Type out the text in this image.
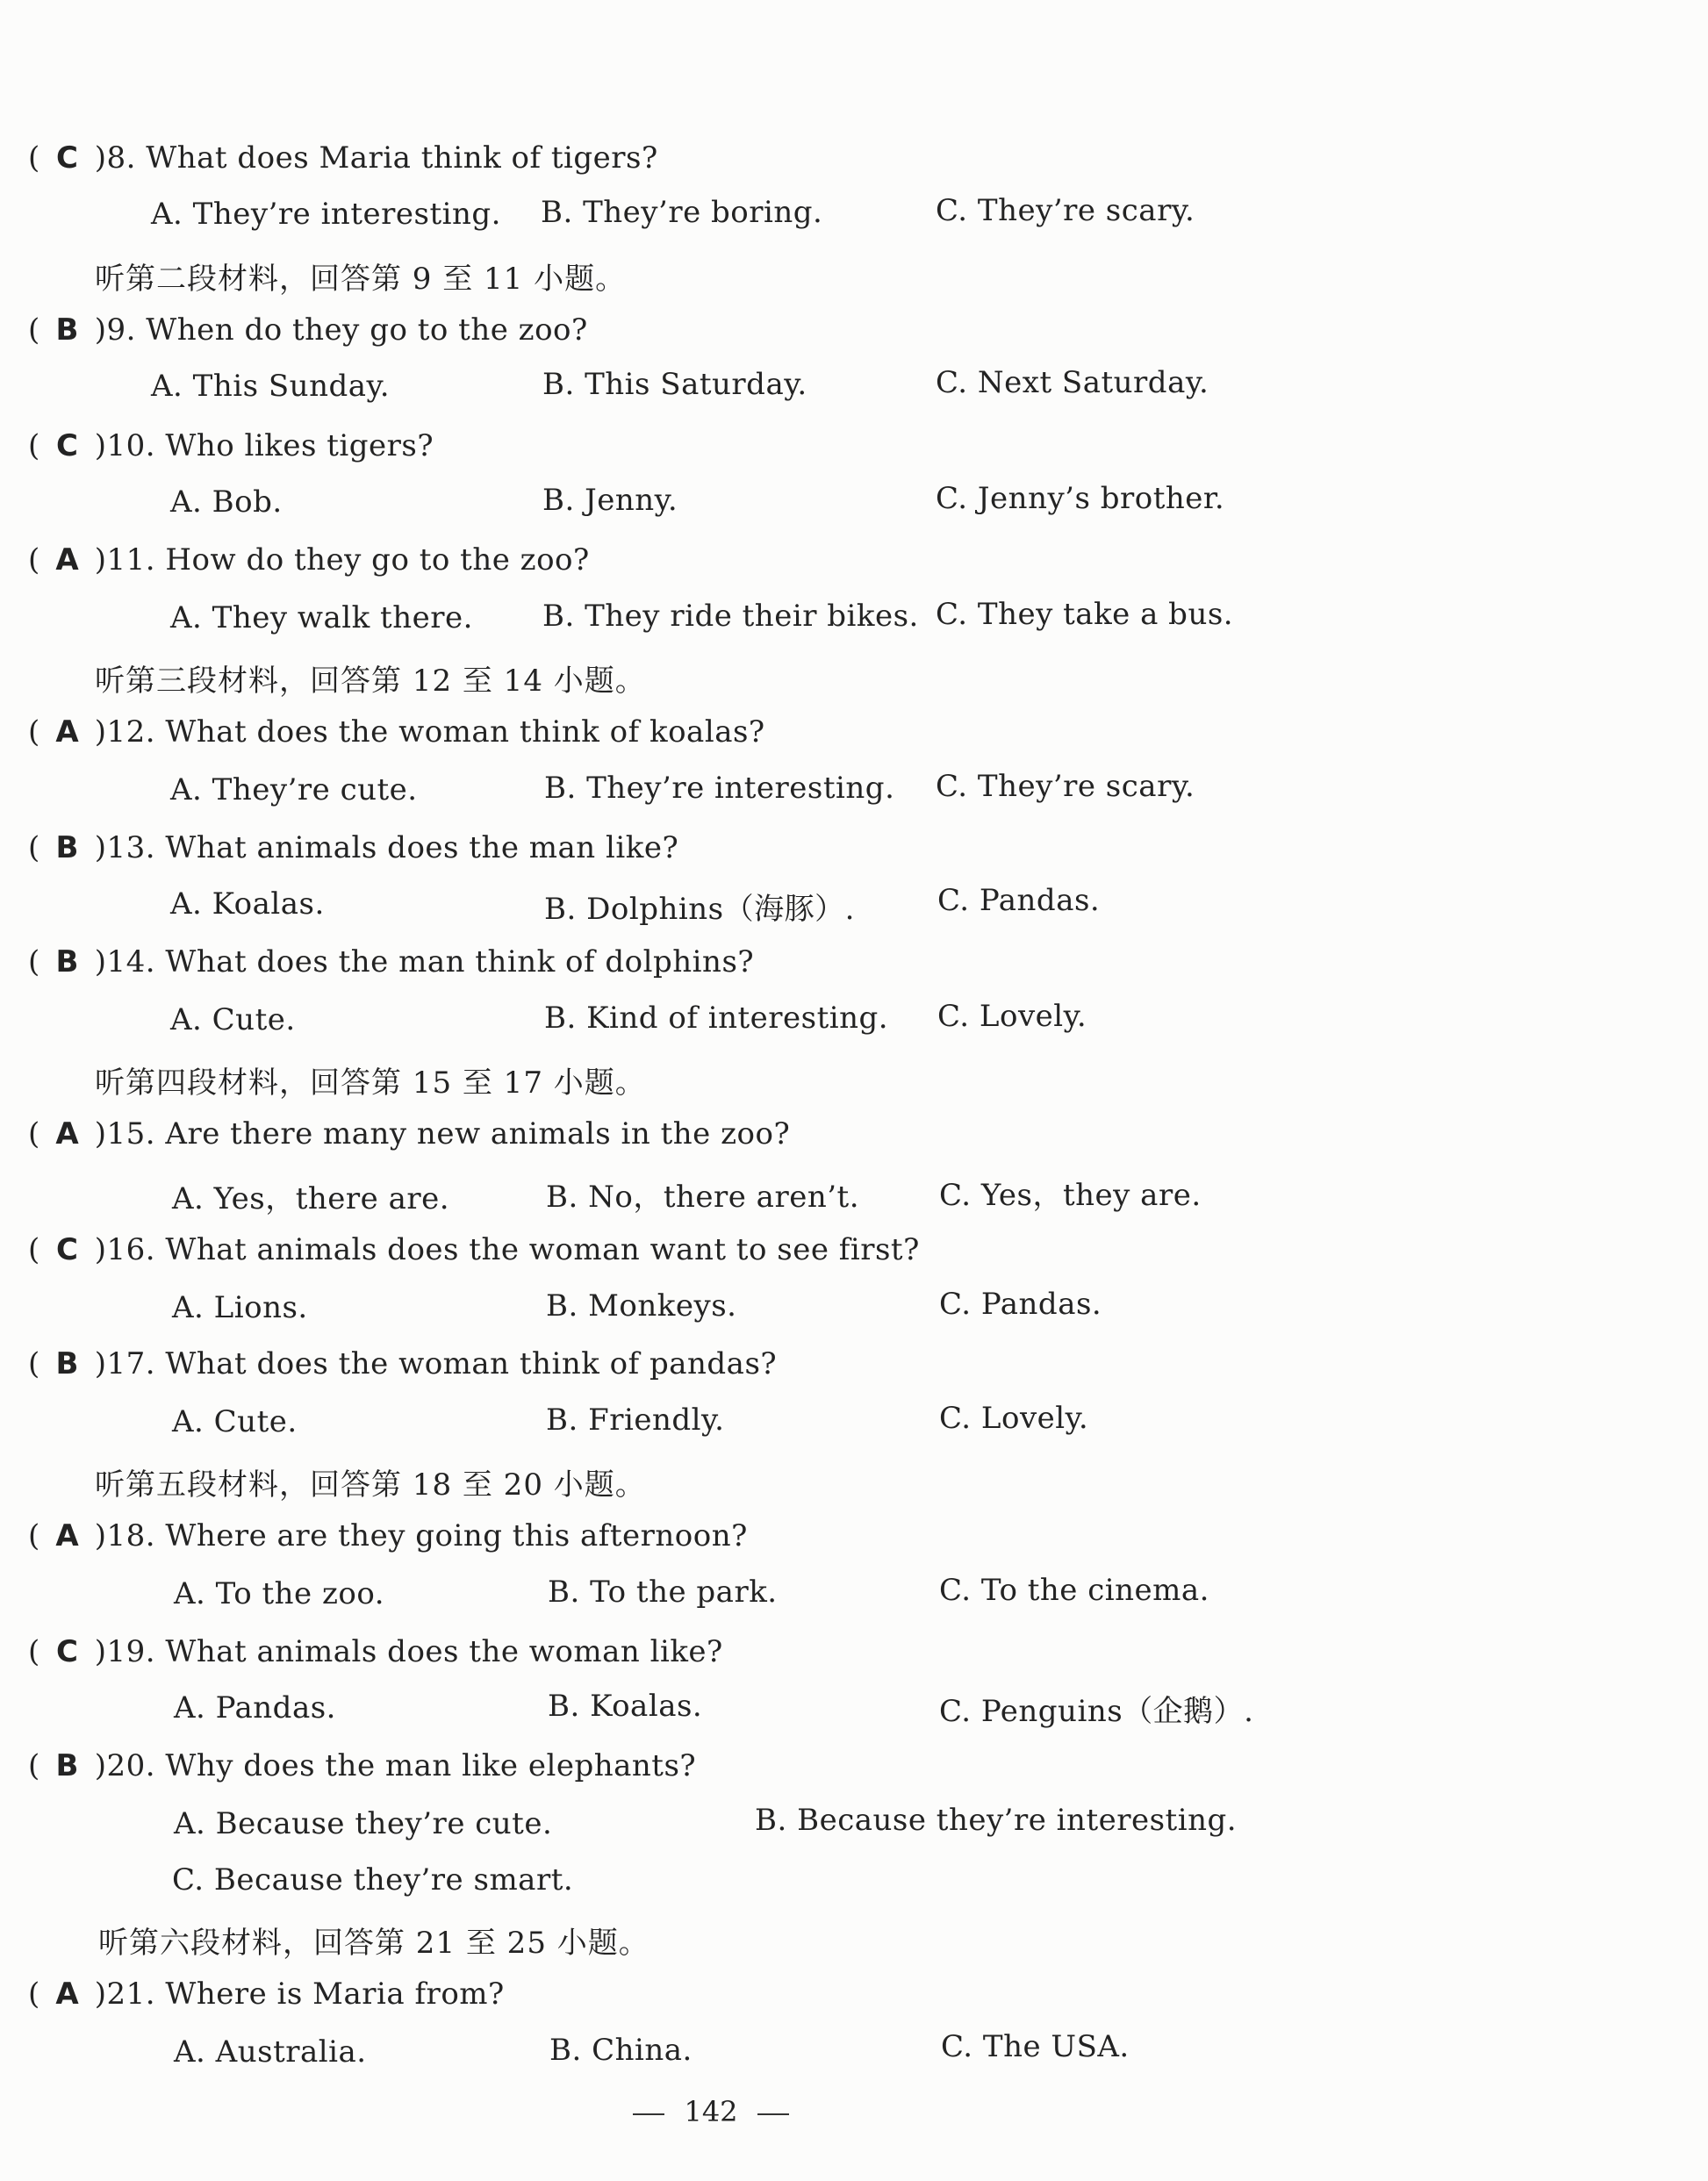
( C )8. What does Maria think of tigers?
A. They’re interesting. B. They’re boring.	C. They’re scary.
听第二段材料，回答第 9 至 11 小题。
( B )9. When do they go to the zoo?
A. This Sunday.	B. This Saturday.	C. Next Saturday.
( C )10. Who likes tigers?
A. Bob.	B. Jenny.	C. Jenny’s brother.
( A )11. How do they go to the zoo?
A. They walk there. B. They ride their bikes. C. They take a bus.
听第三段材料，回答第 12 至 14 小题。
( A )12. What does the woman think of koalas?
A. They’re cute.	B. They’re interesting. C. They’re scary.
( B )13. What animals does the man like?
A. Koalas.	B. Dolphins（海豚）.	C. Pandas.
( B )14. What does the man think of dolphins?
A. Cute.	B. Kind of interesting. C. Lovely.
听第四段材料，回答第 15 至 17 小题。
( A )15. Are there many new animals in the zoo?
A. Yes，there are.	B. No，there aren’t.	C. Yes，they are.
( C )16. What animals does the woman want to see first?
A. Lions.	B. Monkeys.	C. Pandas.
( B )17. What does the woman think of pandas?
A. Cute.	B. Friendly.	C. Lovely.
听第五段材料，回答第 18 至 20 小题。
( A )18. Where are they going this afternoon?
A. To the zoo.	B. To the park.	C. To the cinema.
( C )19. What animals does the woman like?
A. Pandas.	B. Koalas.	C. Penguins（企鹅）.
( B )20. Why does the man like elephants?
A. Because they’re cute.	B. Because they’re interesting.
C. Because they’re smart.
听第六段材料，回答第 21 至 25 小题。
( A )21. Where is Maria from?
A. Australia.	B. China.	C. The USA.
142
